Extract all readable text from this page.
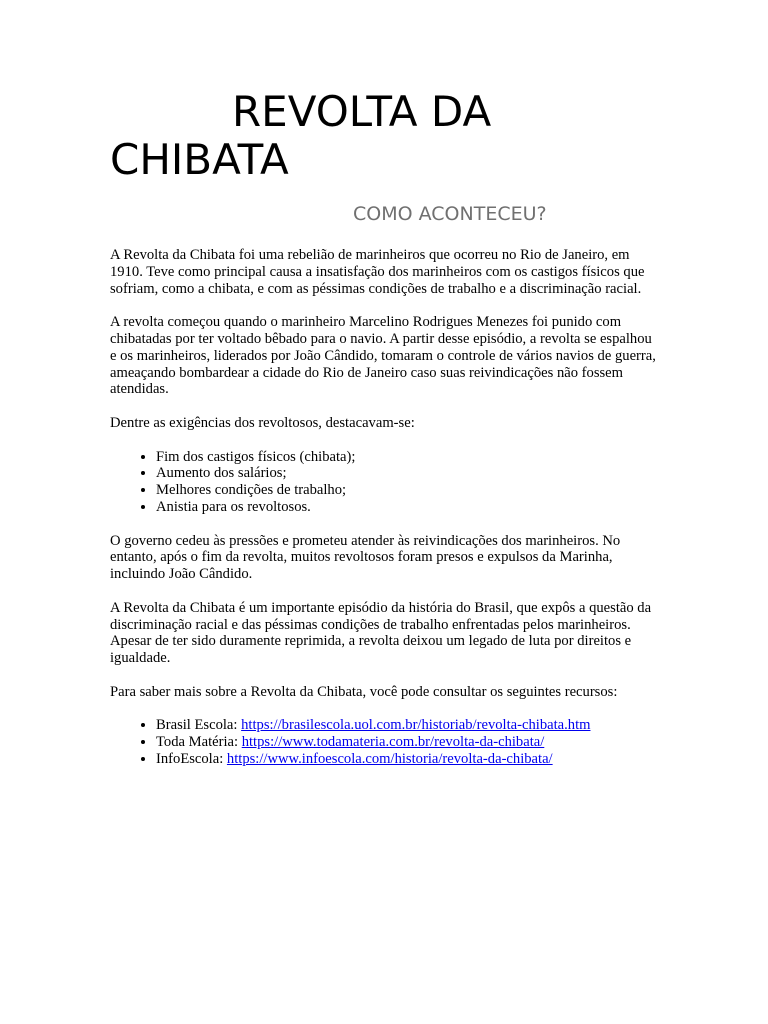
REVOLTA DA CHIBATA
COMO ACONTECEU?

A Revolta da Chibata foi uma rebelião de marinheiros que ocorreu no Rio de Janeiro, em 1910. Teve como principal causa a insatisfação dos marinheiros com os castigos físicos que sofriam, como a chibata, e com as péssimas condições de trabalho e a discriminação racial.

A revolta começou quando o marinheiro Marcelino Rodrigues Menezes foi punido com chibatadas por ter voltado bêbado para o navio. A partir desse episódio, a revolta se espalhou e os marinheiros, liderados por João Cândido, tomaram o controle de vários navios de guerra, ameaçando bombardear a cidade do Rio de Janeiro caso suas reivindicações não fossem atendidas.

Dentre as exigências dos revoltosos, destacavam-se:

• Fim dos castigos físicos (chibata);
• Aumento dos salários;
• Melhores condições de trabalho;
• Anistia para os revoltosos.

O governo cedeu às pressões e prometeu atender às reivindicações dos marinheiros. No entanto, após o fim da revolta, muitos revoltosos foram presos e expulsos da Marinha, incluindo João Cândido.

A Revolta da Chibata é um importante episódio da história do Brasil, que expôs a questão da discriminação racial e das péssimas condições de trabalho enfrentadas pelos marinheiros. Apesar de ter sido duramente reprimida, a revolta deixou um legado de luta por direitos e igualdade.

Para saber mais sobre a Revolta da Chibata, você pode consultar os seguintes recursos:

• Brasil Escola: https://brasilescola.uol.com.br/historiab/revolta-chibata.htm
• Toda Matéria: https://www.todamateria.com.br/revolta-da-chibata/
• InfoEscola: https://www.infoescola.com/historia/revolta-da-chibata/
